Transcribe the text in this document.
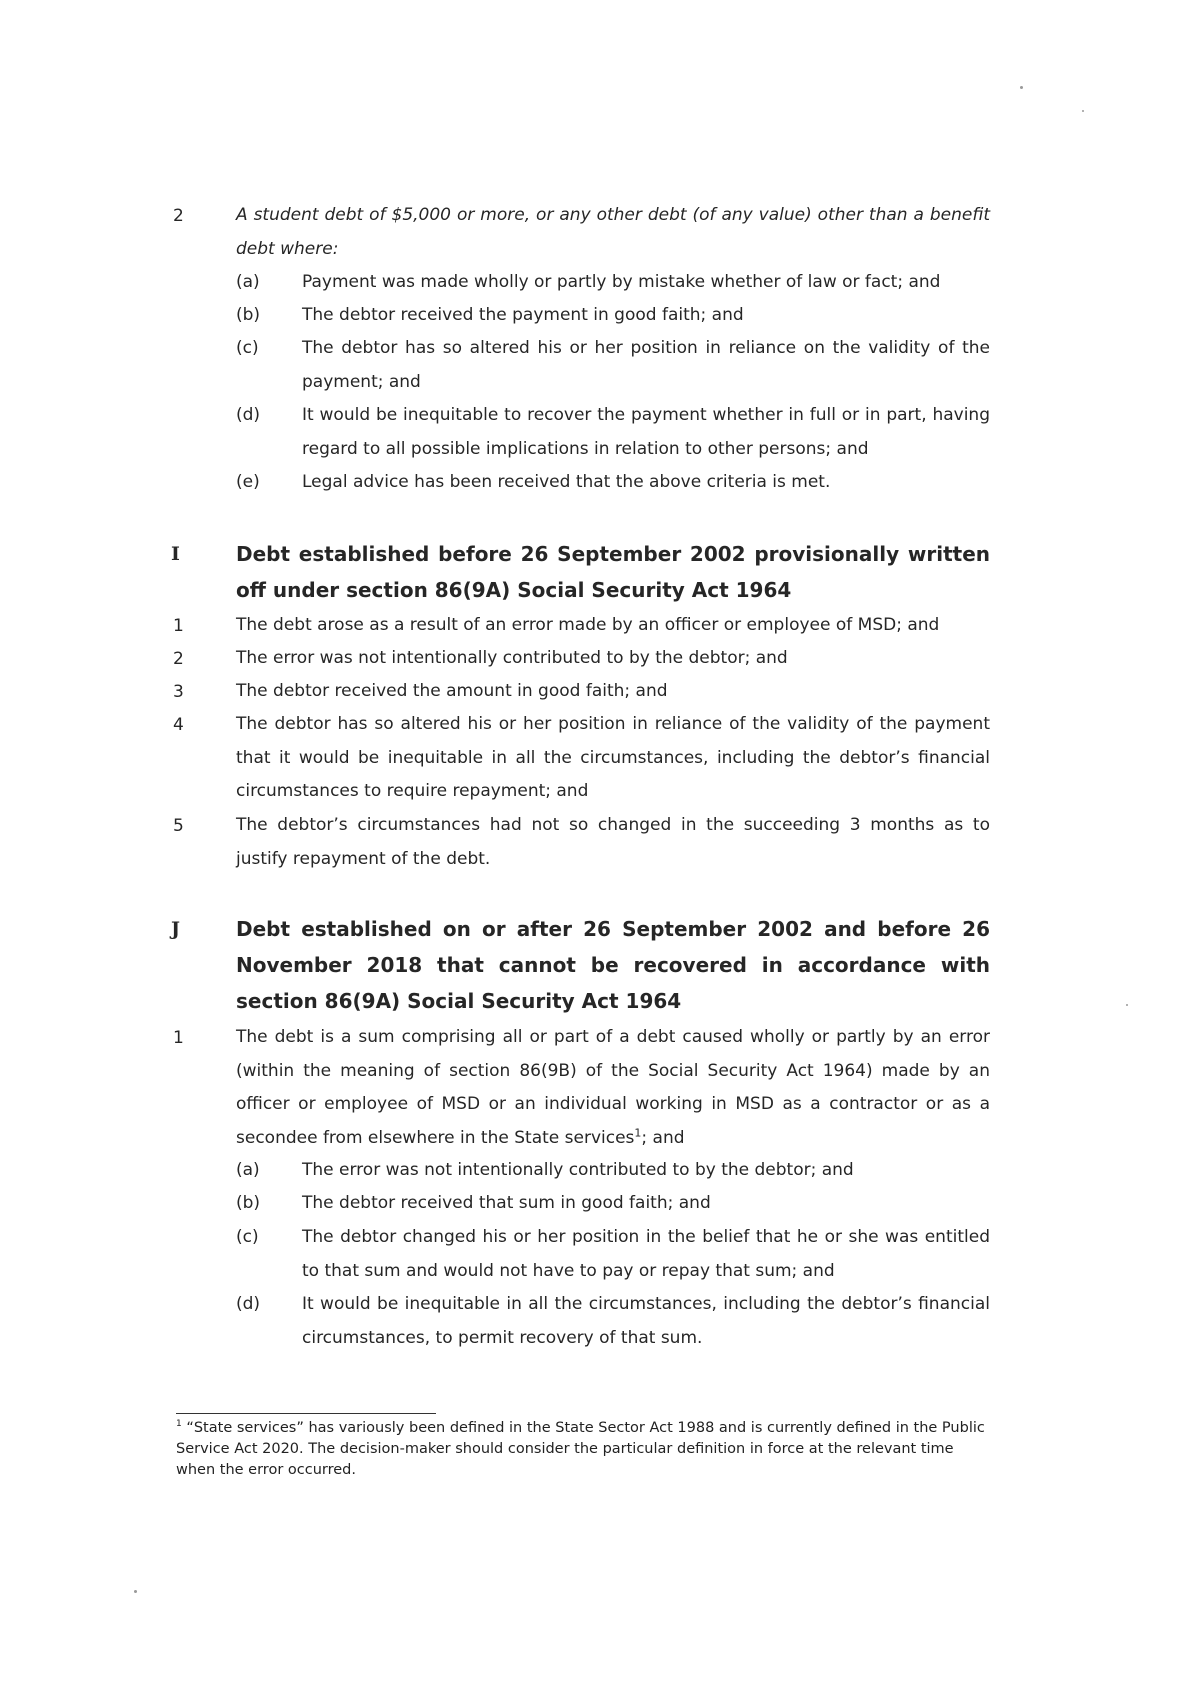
2	A student debt of $5,000 or more, or any other debt (of any value) other than a benefit debt where:
(a) Payment was made wholly or partly by mistake whether of law or fact; and
(b) The debtor received the payment in good faith; and
(c)	The debtor has so altered his or her position in reliance on the validity of the payment; and
(d) It would be inequitable to recover the payment whether in full or in part, having regard to all possible implications in relation to other persons; and
(e) Legal advice has been received that the above criteria is met.
I	Debt established before 26 September 2002 provisionally written off under section 86(9A) Social Security Act 1964
1	The debt arose as a result of an error made by an officer or employee of MSD; and
2	The error was not intentionally contributed to by the debtor; and
3	The debtor received the amount in good faith; and
4	The debtor has so altered his or her position in reliance of the validity of the payment that it would be inequitable in all the circumstances, including the debtor’s financial circumstances to require repayment; and
5	The debtor’s circumstances had not so changed in the succeeding 3 months as to justify repayment of the debt.
J	Debt established on or after 26 September 2002 and before 26 November 2018 that cannot be recovered in accordance with section 86(9A) Social Security Act 1964
1	The debt is a sum comprising all or part of a debt caused wholly or partly by an error (within the meaning of section 86(9B) of the Social Security Act 1964) made by an officer or employee of MSD or an individual working in MSD as a contractor or as a secondee from elsewhere in the State services$^1$; and
(a) The error was not intentionally contributed to by the debtor; and
(b) The debtor received that sum in good faith; and
(c)	The debtor changed his or her position in the belief that he or she was entitled to that sum and would not have to pay or repay that sum; and
(d) It would be inequitable in all the circumstances, including the debtor’s financial circumstances, to permit recovery of that sum.
$^1$ “State services” has variously been defined in the State Sector Act 1988 and is currently defined in the Public Service Act 2020. The decision-maker should consider the particular definition in force at the relevant time when the error occurred.
